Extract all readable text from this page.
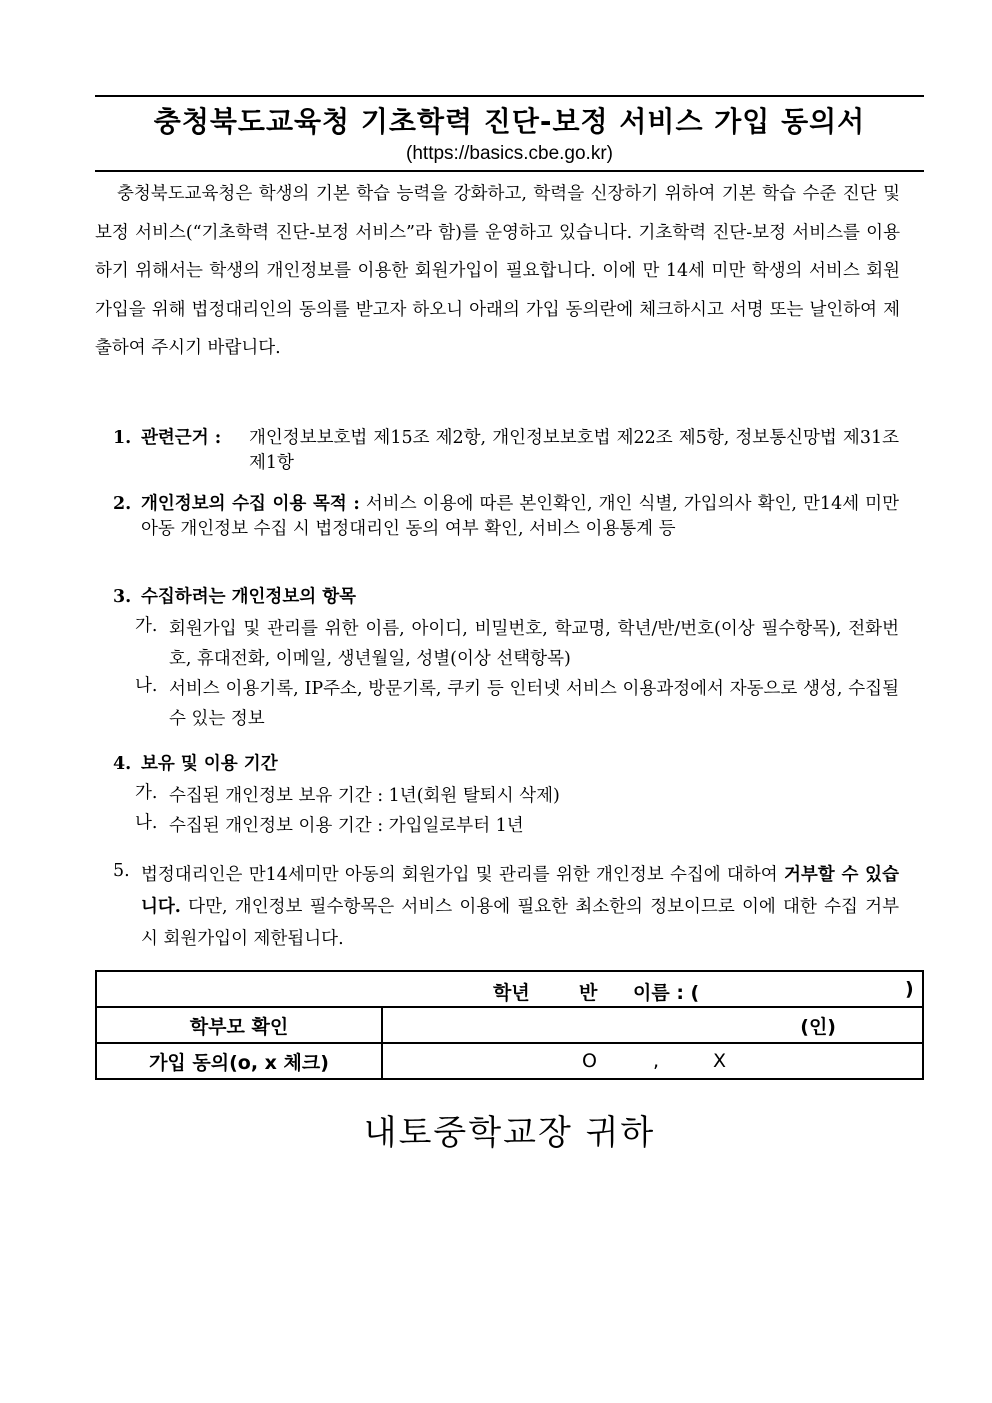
충청북도교육청 기초학력 진단-보정 서비스 가입 동의서
(https://basics.cbe.go.kr)
충청북도교육청은 학생의 기본 학습 능력을 강화하고, 학력을 신장하기 위하여 기본 학습 수준 진단 및 보정 서비스(“기초학력 진단-보정 서비스”라 함)를 운영하고 있습니다. 기초학력 진단-보정 서비스를 이용하기 위해서는 학생의 개인정보를 이용한 회원가입이 필요합니다. 이에 만 14세 미만 학생의 서비스 회원가입을 위해 법정대리인의 동의를 받고자 하오니 아래의 가입 동의란에 체크하시고 서명 또는 날인하여 제출하여 주시기 바랍니다.
1. 관련근거 :	개인정보보호법 제15조 제2항, 개인정보보호법 제22조 제5항, 정보통신망법 제31조 제1항
2. 개인정보의 수집 이용 목적 : 서비스 이용에 따른 본인확인, 개인 식별, 가입의사 확인, 만14세 미만 아동 개인정보 수집 시 법정대리인 동의 여부 확인, 서비스 이용통계 등
3. 수집하려는 개인정보의 항목
가. 회원가입 및 관리를 위한 이름, 아이디, 비밀번호, 학교명, 학년/반/번호(이상 필수항목), 전화번호, 휴대전화, 이메일, 생년월일, 성별(이상 선택항목)
나. 서비스 이용기록, IP주소, 방문기록, 쿠키 등 인터넷 서비스 이용과정에서 자동으로 생성, 수집될 수 있는 정보
4. 보유 및 이용 기간
가. 수집된 개인정보 보유 기간 : 1년(회원 탈퇴시 삭제)
나. 수집된 개인정보 이용 기간 : 가입일로부터 1년
5. 법정대리인은 만14세미만 아동의 회원가입 및 관리를 위한 개인정보 수집에 대하여 거부할 수 있습니다. 다만, 개인정보 필수항목은 서비스 이용에 필요한 최소한의 정보이므로 이에 대한 수집 거부 시 회원가입이 제한됩니다.
학년 반 이름 : ( )	

학부모 확인	(인)
가입 동의(o, x 체크)	O , X
내토중학교장 귀하
